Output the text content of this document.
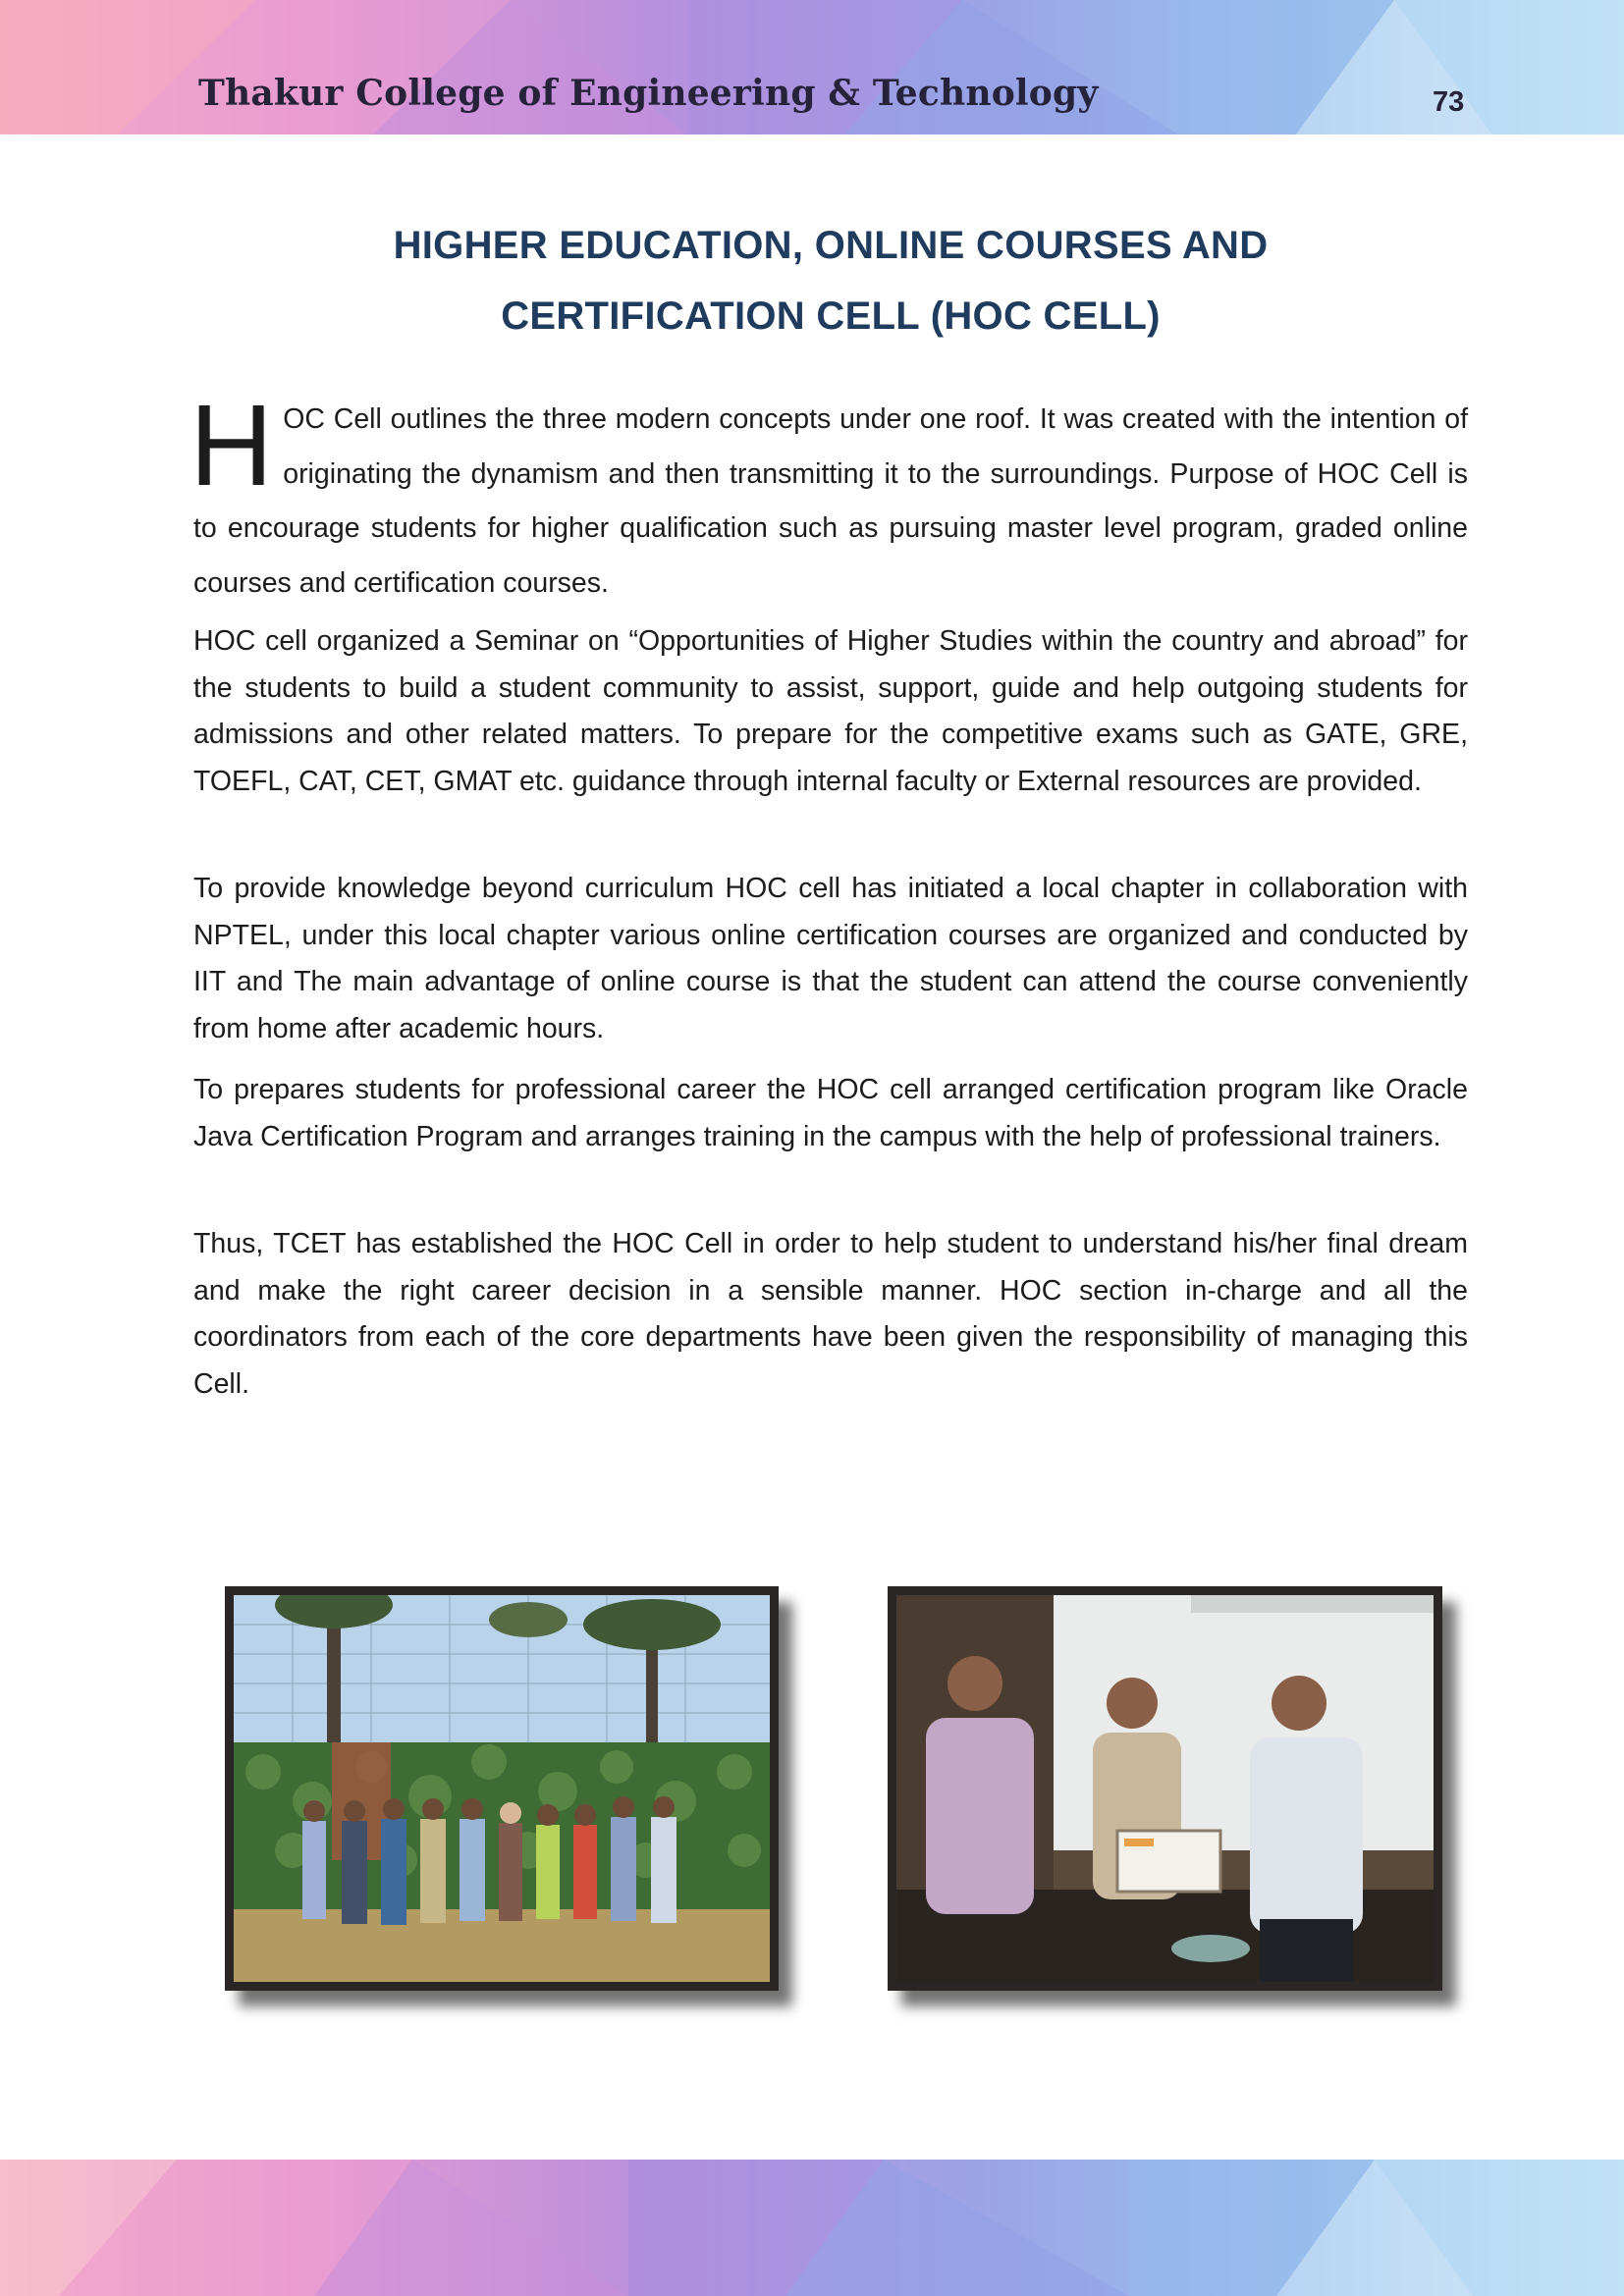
Thakur College of Engineering & Technology	73
HIGHER EDUCATION, ONLINE COURSES AND
CERTIFICATION CELL (HOC CELL)
HOC Cell outlines the three modern concepts under one roof. It was created with the intention of originating the dynamism and then transmitting it to the surroundings. Purpose of HOC Cell is to encourage students for higher qualification such as pursuing master level program, graded online courses and certification courses.
HOC cell organized a Seminar on “Opportunities of Higher Studies within the country and abroad” for the students to build a student community to assist, support, guide and help outgoing students for admissions and other related matters. To prepare for the competitive exams such as GATE, GRE, TOEFL, CAT, CET, GMAT etc. guidance through internal faculty or External resources are provided.
To provide knowledge beyond curriculum HOC cell has initiated a local chapter in collaboration with NPTEL, under this local chapter various online certification courses are organized and conducted by IIT and The main advantage of online course is that the student can attend the course conveniently from home after academic hours.
To prepares students for professional career the HOC cell arranged certification program like Oracle Java Certification Program and arranges training in the campus with the help of professional trainers.
Thus, TCET has established the HOC Cell in order to help student to understand his/her final dream and make the right career decision in a sensible manner. HOC section in-charge and all the coordinators from each of the core departments have been given the responsibility of managing this Cell.
